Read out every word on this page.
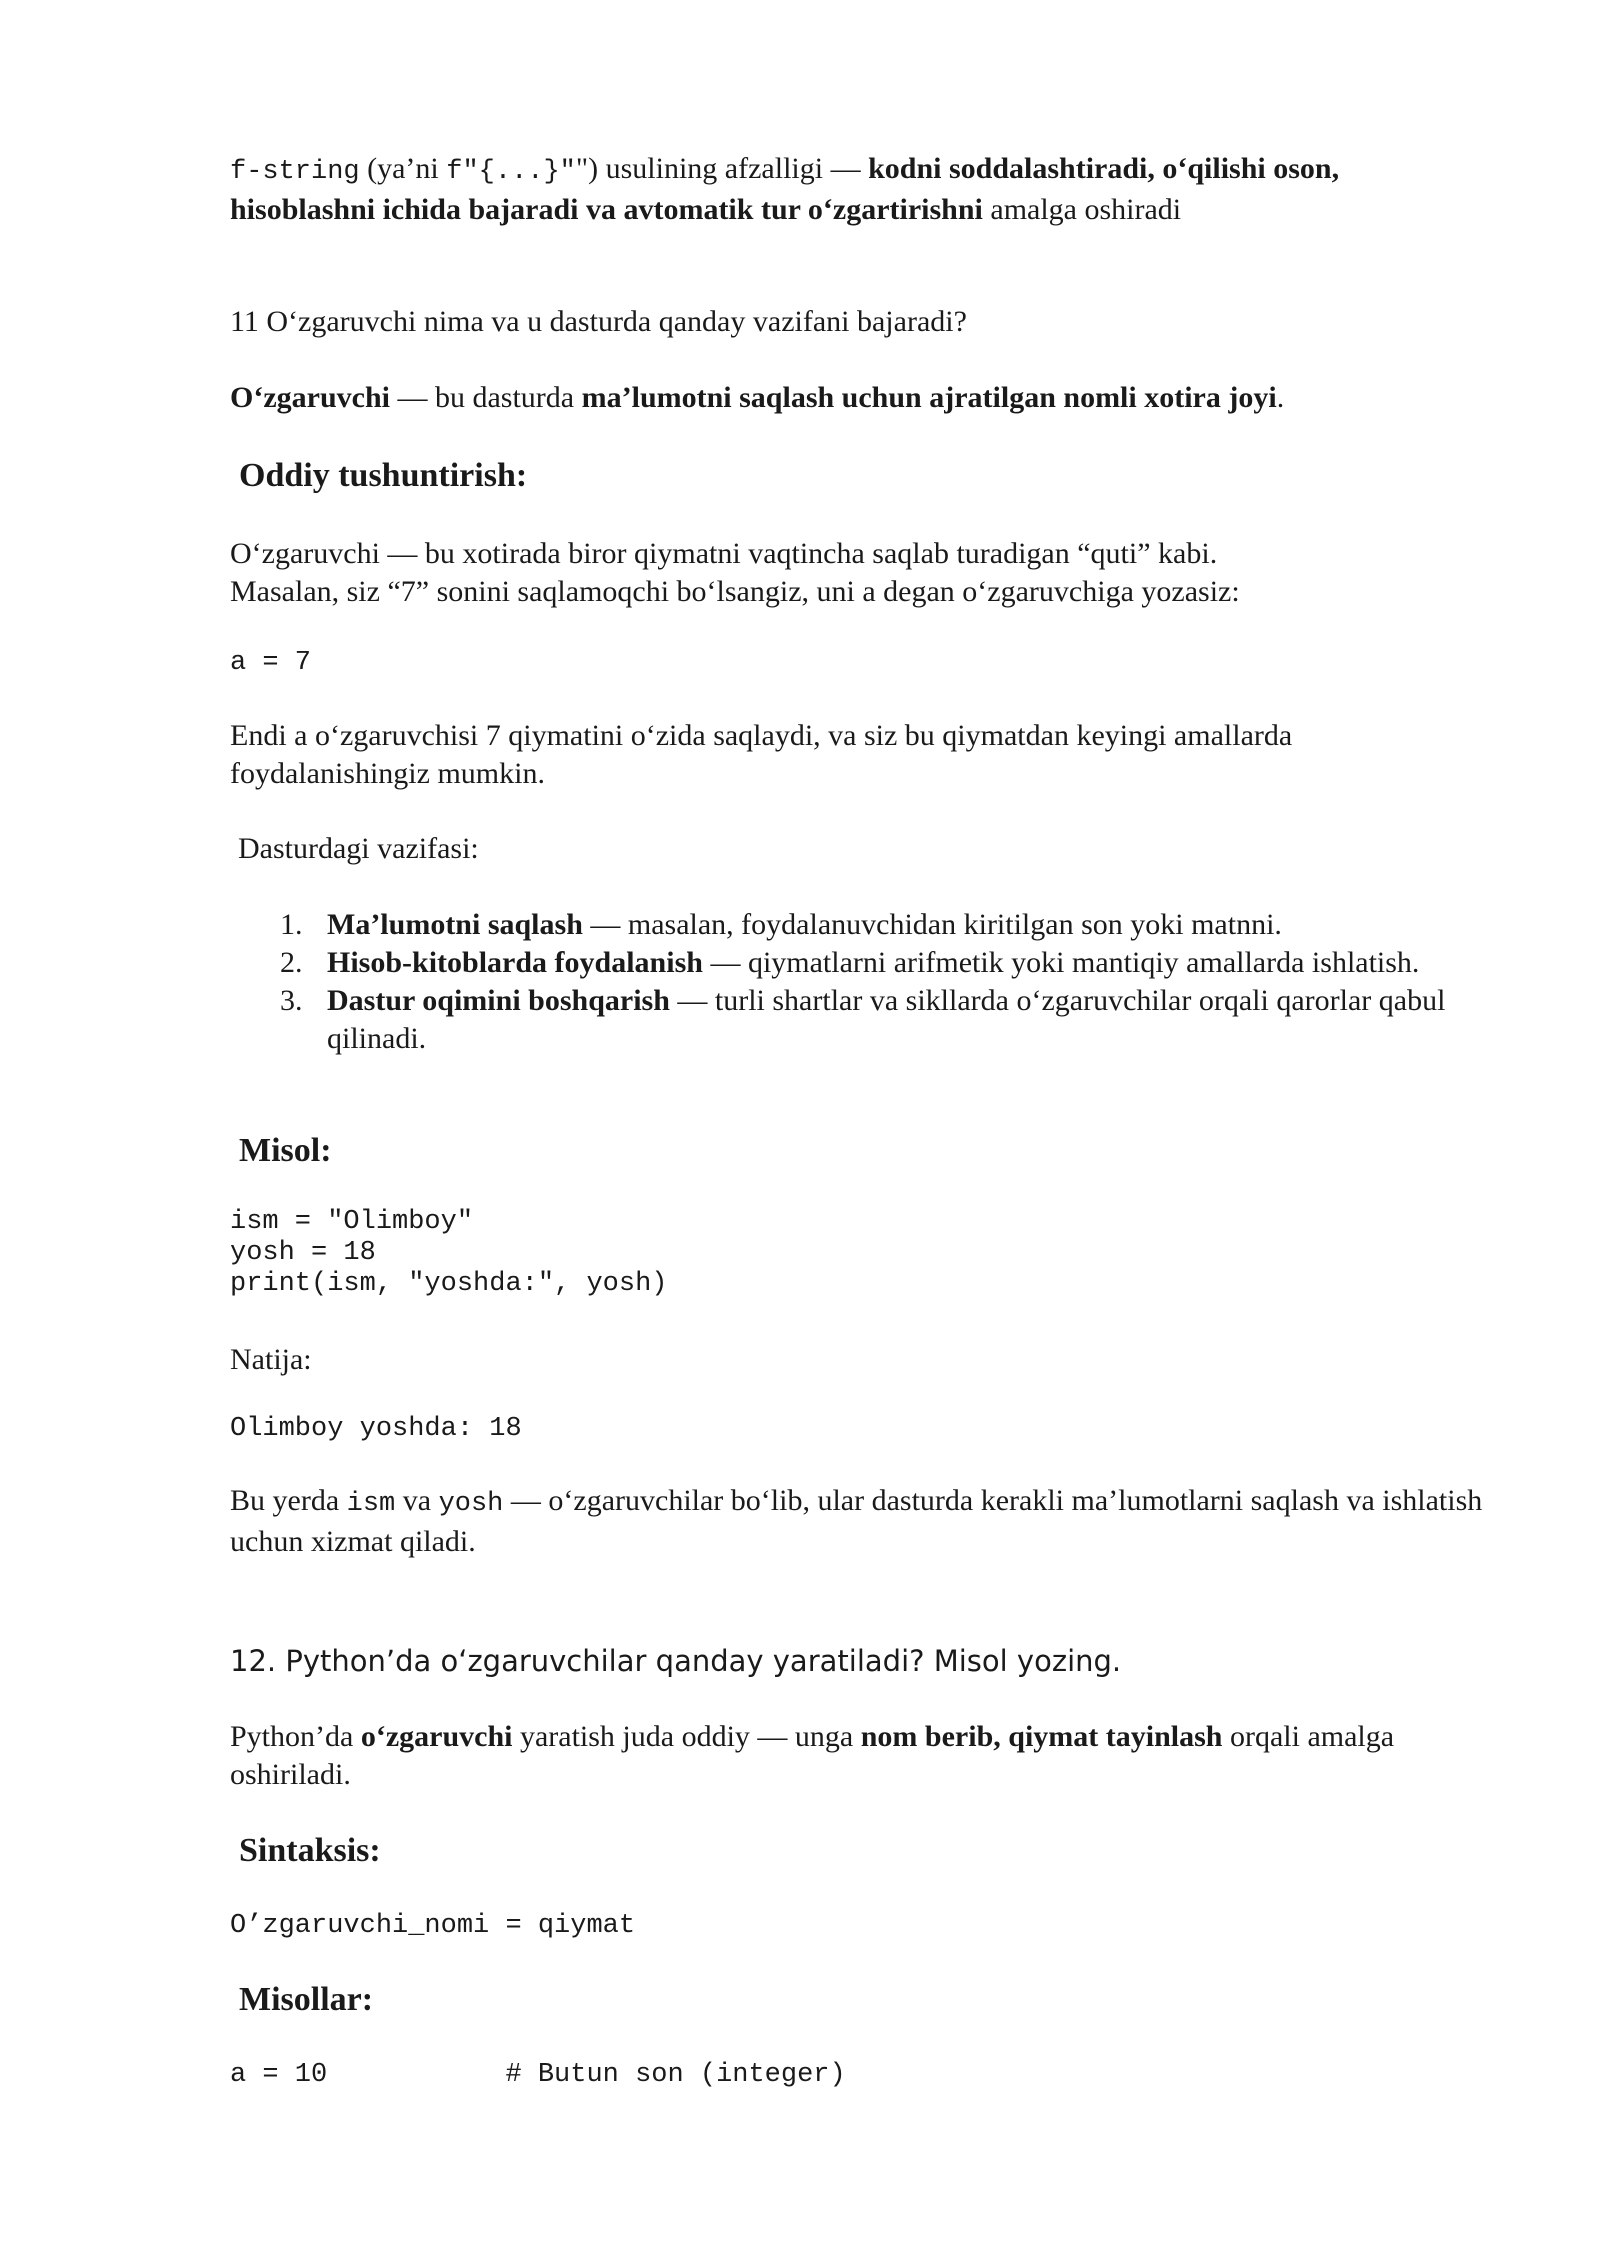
f-string (ya’ni f"{...}"") usulining afzalligi — kodni soddalashtiradi, o‘qilishi oson, hisoblashni ichida bajaradi va avtomatik tur o‘zgartirishni amalga oshiradi

11 O‘zgaruvchi nima va u dasturda qanday vazifani bajaradi?

O‘zgaruvchi — bu dasturda ma’lumotni saqlash uchun ajratilgan nomli xotira joyi.

Oddiy tushuntirish:

O‘zgaruvchi — bu xotirada biror qiymatni vaqtincha saqlab turadigan “quti” kabi.
Masalan, siz “7” sonini saqlamoqchi bo‘lsangiz, uni a degan o‘zgaruvchiga yozasiz:

a = 7

Endi a o‘zgaruvchisi 7 qiymatini o‘zida saqlaydi, va siz bu qiymatdan keyingi amallarda foydalanishingiz mumkin.

Dasturdagi vazifasi:

1. Ma’lumotni saqlash — masalan, foydalanuvchidan kiritilgan son yoki matnni.
2. Hisob-kitoblarda foydalanish — qiymatlarni arifmetik yoki mantiqiy amallarda ishlatish.
3. Dastur oqimini boshqarish — turli shartlar va sikllarda o‘zgaruvchilar orqali qarorlar qabul qilinadi.
Misol:
ism = "Olimboy"
yosh = 18
print(ism, "yoshda:", yosh)

Natija:

Olimboy yoshda: 18

Bu yerda ism va yosh — o‘zgaruvchilar bo‘lib, ular dasturda kerakli ma’lumotlarni saqlash va ishlatish uchun xizmat qiladi.

12. Python’da o‘zgaruvchilar qanday yaratiladi? Misol yozing.

Python’da o‘zgaruvchi yaratish juda oddiy — unga nom berib, qiymat tayinlash orqali amalga oshiriladi.

Sintaksis:
O’zgaruvchi_nomi = qiymat
Misollar:
a = 10           # Butun son (integer)
